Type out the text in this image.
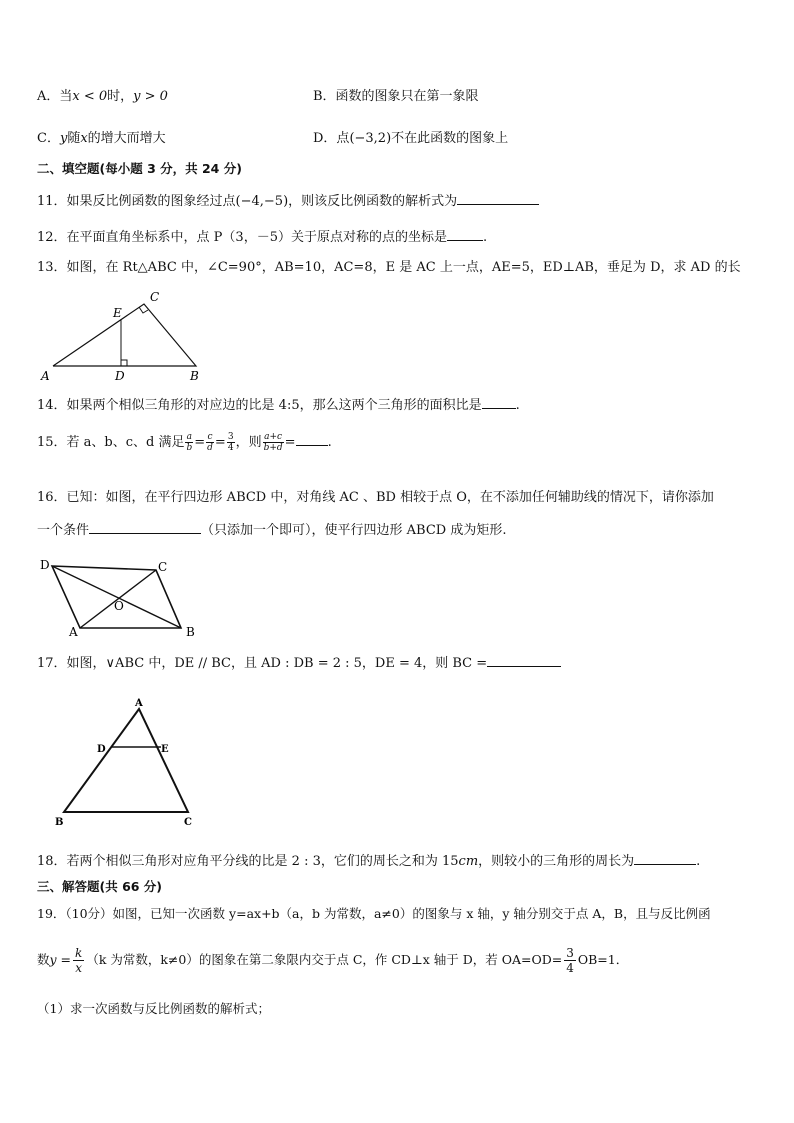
A．当x < 0时，y > 0	B．函数的图象只在第一象限
C．y随x的增大而增大	D．点(−3,2)不在此函数的图象上
二、填空题(每小题 3 分，共 24 分)
11．如果反比例函数的图象经过点(−4,−5)，则该反比例函数的解析式为
12．在平面直角坐标系中，点 P（3，－5）关于原点对称的点的坐标是	.
13．如图，在 Rt△ABC 中，∠C=90°，AB=10，AC=8，E 是 AC 上一点，AE=5，ED⊥AB，垂足为 D，求 AD 的长
A	D	B
E
C
14．如果两个相似三角形的对应边的比是 4:5，那么这两个三角形的面积比是	.
15．若 a、b、c、d 满足 $\frac{a}{b} = \frac{c}{d} = \frac{3}{4}$ ，则 $\frac{a+c}{b+d}$ = .
16．已知：如图，在平行四边形 ABCD 中，对角线 AC 、BD 相较于点 O，在不添加任何辅助线的情况下，请你添加
一个条件	（只添加一个即可），使平行四边形 ABCD 成为矩形.
D	C
O
A	B
17．如图，∨ABC 中，DE // BC，且 AD : DB = 2 : 5，DE = 4，则 BC =
A
D	E
B	C
18．若两个相似三角形对应角平分线的比是 2 : 3，它们的周长之和为 15cm，则较小的三角形的周长为	.
三、解答题(共 66 分)
19．（10分）如图，已知一次函数 y=ax+b（a，b 为常数，a≠0）的图象与 x 轴，y 轴分别交于点 A，B，且与反比例函
数$y = \frac{k}{x} (k$ 为常数，k≠0）的图象在第二象限内交于点 C，作 CD⊥x 轴于 D，若 $OA=OD= \frac{3}{4} OB=1$．
（1）求一次函数与反比例函数的解析式；
